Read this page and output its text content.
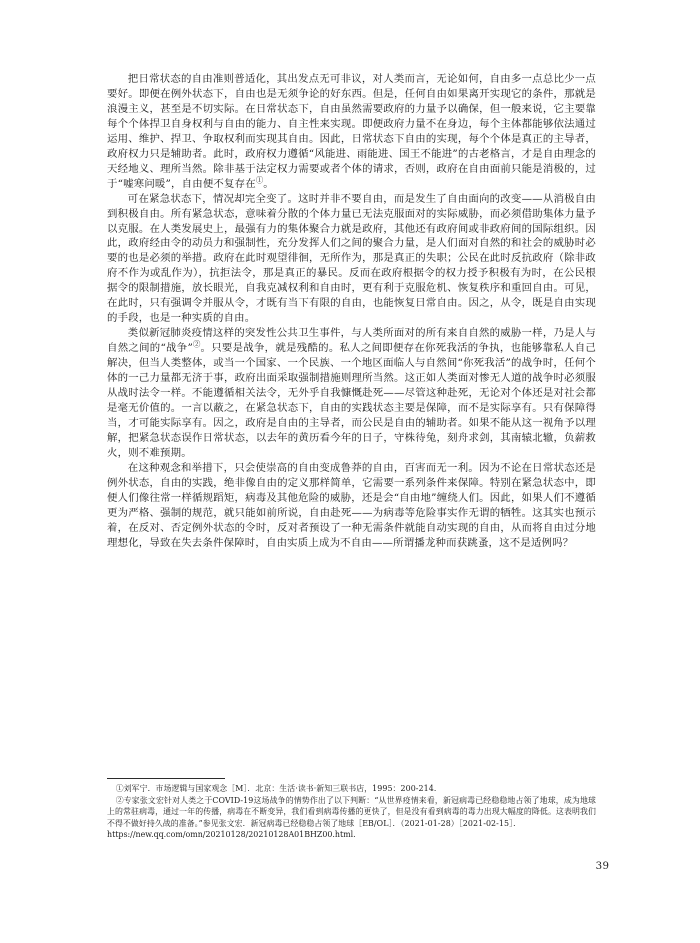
把日常状态的自由准则普适化，其出发点无可非议，对人类而言，无论如何，自由多一点总比少一点要好。即便在例外状态下，自由也是无须争论的好东西。但是，任何自由如果离开实现它的条件，那就是浪漫主义，甚至是不切实际。在日常状态下，自由虽然需要政府的力量予以确保，但一般来说，它主要靠每个个体捍卫自身权利与自由的能力、自主性来实现。即便政府力量不在身边，每个主体都能够依法通过运用、维护、捍卫、争取权利而实现其自由。因此，日常状态下自由的实现，每个个体是真正的主导者，政府权力只是辅助者。此时，政府权力遵循“风能进、雨能进、国王不能进”的古老格言，才是自由理念的天经地义、理所当然。除非基于法定权力需要或者个体的请求，否则，政府在自由面前只能是消极的，过于“嘘寒问暖”，自由便不复存在①。

可在紧急状态下，情况却完全变了。这时并非不要自由，而是发生了自由面向的改变——从消极自由到积极自由。所有紧急状态，意味着分散的个体力量已无法克服面对的实际威胁，而必须借助集体力量予以克服。在人类发展史上，最强有力的集体聚合力就是政府，其他还有政府间或非政府间的国际组织。因此，政府经由令的动员力和强制性，充分发挥人们之间的聚合力量，是人们面对自然的和社会的威胁时必要的也是必须的举措。政府在此时观望徘徊，无所作为，那是真正的失职；公民在此时反抗政府（除非政府不作为或乱作为），抗拒法令，那是真正的暴民。反而在政府根据令的权力授予积极有为时，在公民根据令的限制措施，放长眼光，自我克减权利和自由时，更有利于克服危机、恢复秩序和重回自由。可见，在此时，只有强调令并服从令，才既有当下有限的自由，也能恢复日常自由。因之，从令，既是自由实现的手段，也是一种实质的自由。

类似新冠肺炎疫情这样的突发性公共卫生事件，与人类所面对的所有来自自然的威胁一样，乃是人与自然之间的“战争”②。只要是战争，就是残酷的。私人之间即便存在你死我活的争执，也能够靠私人自己解决，但当人类整体，或当一个国家、一个民族、一个地区面临人与自然间“你死我活”的战争时，任何个体的一己力量都无济于事，政府出面采取强制措施则理所当然。这正如人类面对惨无人道的战争时必须服从战时法令一样。不能遵循相关法令，无外乎自我慷慨赴死——尽管这种赴死，无论对个体还是对社会都是毫无价值的。一言以蔽之，在紧急状态下，自由的实践状态主要是保障，而不是实际享有。只有保障得当，才可能实际享有。因之，政府是自由的主导者，而公民是自由的辅助者。如果不能从这一视角予以理解，把紧急状态误作日常状态，以去年的黄历看今年的日子，守株待兔，刻舟求剑，其南辕北辙，负薪救火，则不难预期。

在这种观念和举措下，只会使崇高的自由变成鲁莽的自由，百害而无一利。因为不论在日常状态还是例外状态，自由的实践，绝非像自由的定义那样简单，它需要一系列条件来保障。特别在紧急状态中，即便人们像往常一样循规蹈矩，病毒及其他危险的威胁，还是会“自由地”缠绕人们。因此，如果人们不遵循更为严格、强制的规范，就只能如前所说，自由赴死——为病毒等危险事实作无谓的牺牲。这其实也预示着，在反对、否定例外状态的令时，反对者预设了一种无需条件就能自动实现的自由，从而将自由过分地理想化，导致在失去条件保障时，自由实质上成为不自由——所谓播龙种而获跳蚤，这不是适例吗？

①刘军宁．市场逻辑与国家观念［M］．北京：生活·读书·新知三联书店，1995：200-214．

②专家张文宏针对人类之于COVID-19这场战争的情势作出了以下判断：“从世界疫情来看，新冠病毒已经稳稳地占领了地球，成为地球上的常驻病毒，通过一年的传播，病毒在不断变异，我们看到病毒传播的更快了，但是没有看到病毒的毒力出现大幅度的降低。这表明我们不得不做好持久战的准备。”参见张文宏．新冠病毒已经稳稳占领了地球［EB/OL］．（2021-01-28）［2021-02-15］．

https://new.qq.com/omn/20210128/20210128A01BHZ00.html.

39
